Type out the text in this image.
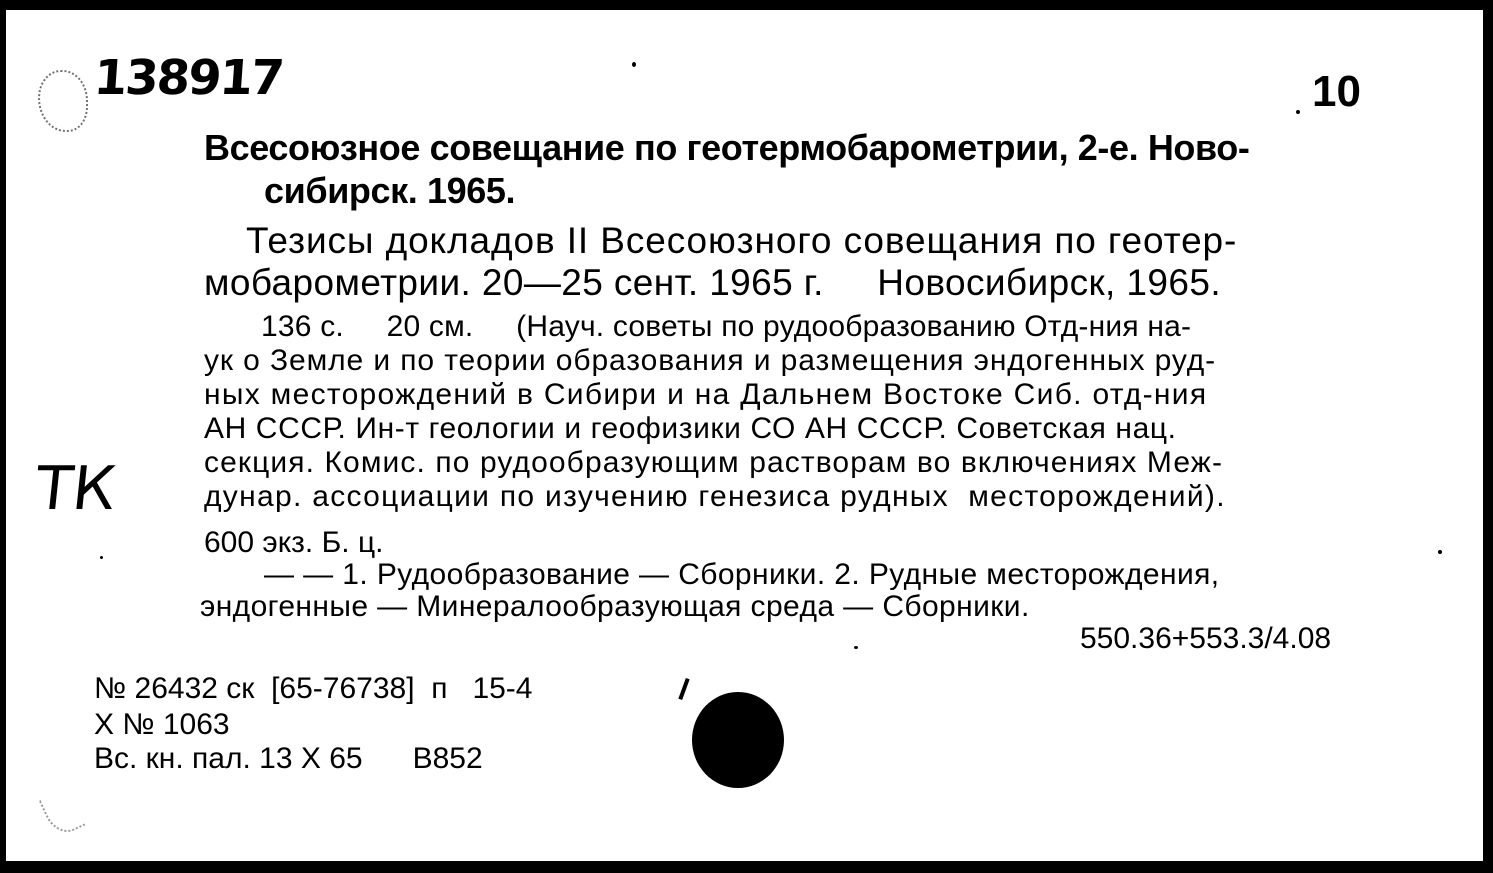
138917	10
Всесоюзное совещание по геотермобарометрии, 2-е. Ново-
сибирск. 1965.
Тезисы докладов II Всесоюзного совещания по геотер-
мобарометрии. 20—25 сент. 1965 г.     Новосибирск, 1965.
136 с.     20 см.     (Науч. советы по рудообразованию Отд-ния на-
ук о Земле и по теории образования и размещения эндогенных руд-
ных месторождений в Сибири и на Дальнем Востоке Сиб. отд-ния
АН СССР. Ин-т геологии и геофизики СО АН СССР. Советская нац.
секция. Комис. по рудообразующим растворам во включениях Меж-
дунар. ассоциации по изучению генезиса рудных  месторождений).
600 экз. Б. ц.
— — 1. Рудообразование — Сборники. 2. Рудные месторождения,
эндогенные — Минералообразующая среда — Сборники.
550.36+553.3/4.08
ТК
№ 26432 ск  [65-76738]  п   15-4
X № 1063
Вс. кн. пал. 13 X 65      B852
